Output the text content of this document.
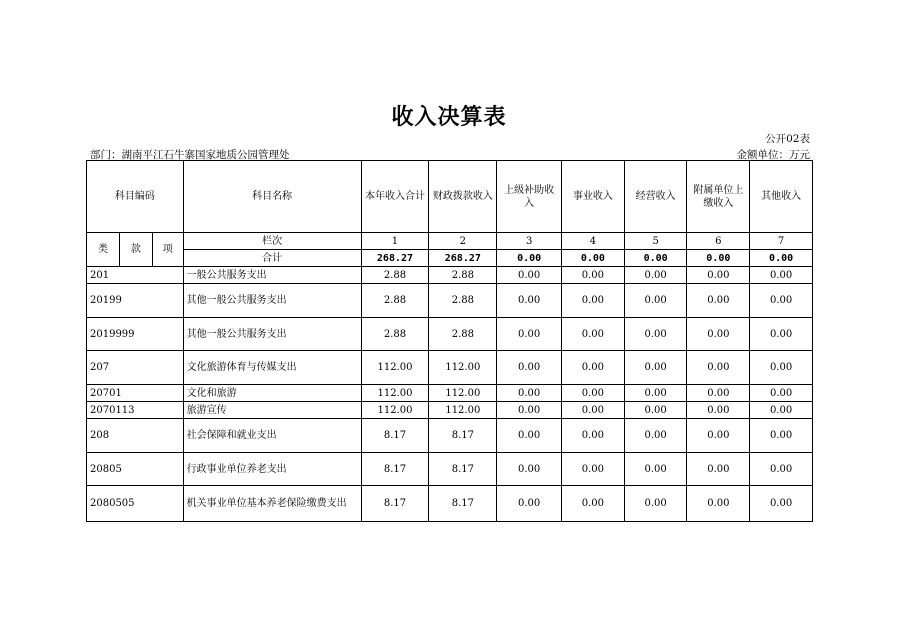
收入决算表
公开02表
部门：湖南平江石牛寨国家地质公园管理处	金额单位：万元
科目编码			科目名称	本年收入合计	财政拨款收入	上级补助收入	事业收入	经营收入	附属单位上缴收入	其他收入
类	款	项	栏次	1	2	3	4	5	6	7
			合计	268.27	268.27	0.00	0.00	0.00	0.00	0.00
201			一般公共服务支出	2.88	2.88	0.00	0.00	0.00	0.00	0.00
20199			其他一般公共服务支出	2.88	2.88	0.00	0.00	0.00	0.00	0.00
2019999			其他一般公共服务支出	2.88	2.88	0.00	0.00	0.00	0.00	0.00
207			文化旅游体育与传媒支出	112.00	112.00	0.00	0.00	0.00	0.00	0.00
20701			文化和旅游	112.00	112.00	0.00	0.00	0.00	0.00	0.00
2070113			旅游宣传	112.00	112.00	0.00	0.00	0.00	0.00	0.00
208			社会保障和就业支出	8.17	8.17	0.00	0.00	0.00	0.00	0.00
20805			行政事业单位养老支出	8.17	8.17	0.00	0.00	0.00	0.00	0.00
2080505			机关事业单位基本养老保险缴费支出	8.17	8.17	0.00	0.00	0.00	0.00	0.00
